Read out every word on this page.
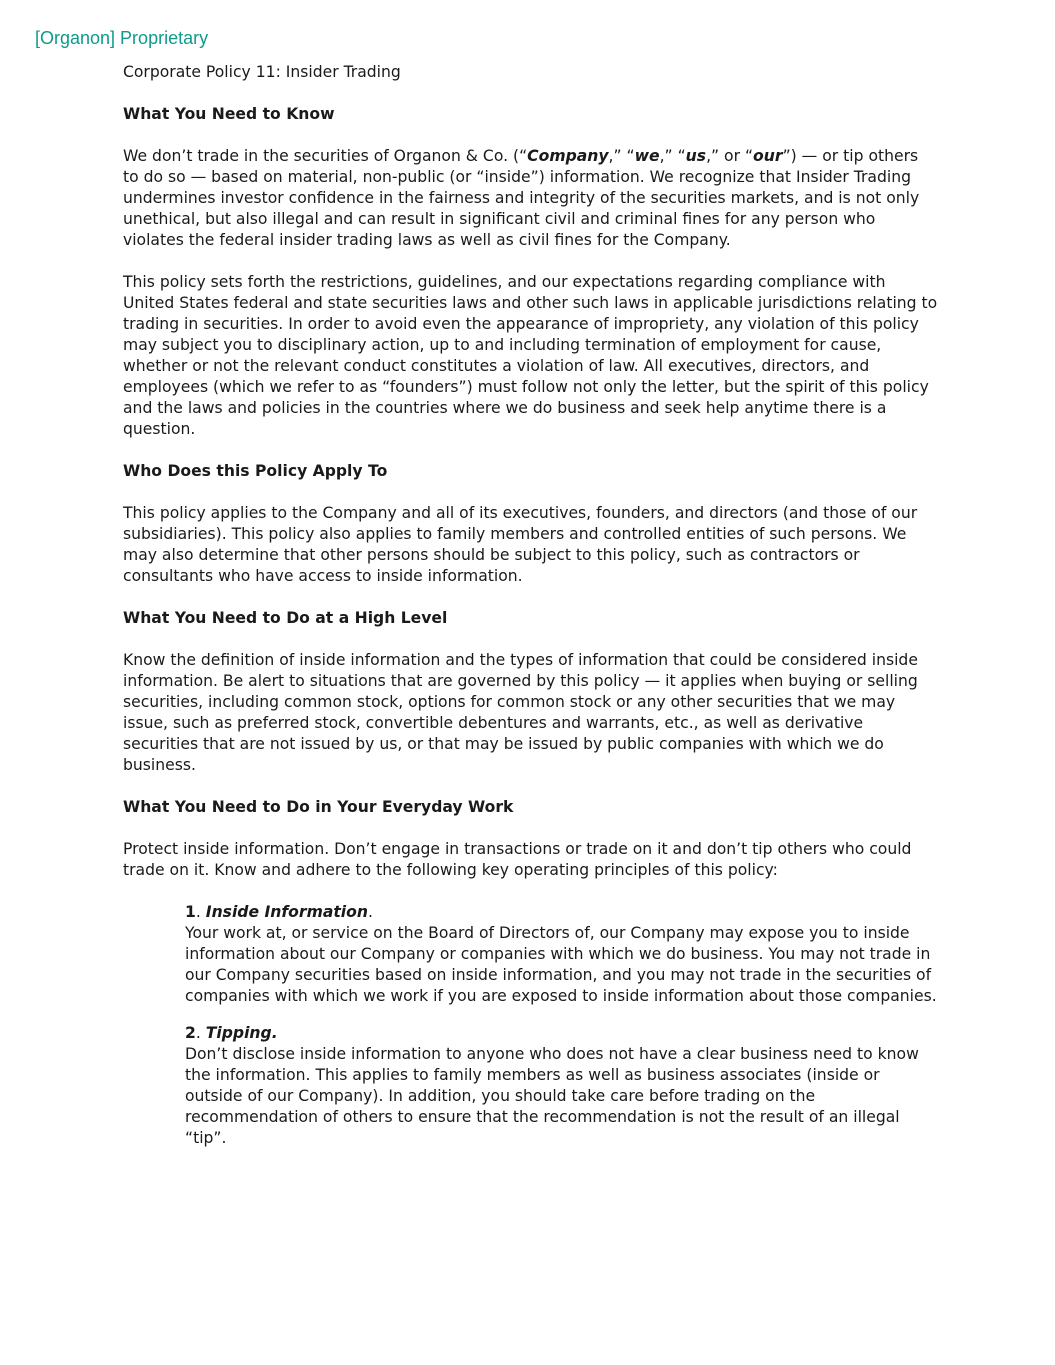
[Organon] Proprietary

Corporate Policy 11: Insider Trading

What You Need to Know

We don’t trade in the securities of Organon & Co. (“Company,” “we,” “us,” or “our”) — or tip others to do so — based on material, non-public (or “inside”) information. We recognize that Insider Trading undermines investor confidence in the fairness and integrity of the securities markets, and is not only unethical, but also illegal and can result in significant civil and criminal fines for any person who violates the federal insider trading laws as well as civil fines for the Company.

This policy sets forth the restrictions, guidelines, and our expectations regarding compliance with United States federal and state securities laws and other such laws in applicable jurisdictions relating to trading in securities. In order to avoid even the appearance of impropriety, any violation of this policy may subject you to disciplinary action, up to and including termination of employment for cause, whether or not the relevant conduct constitutes a violation of law. All executives, directors, and employees (which we refer to as “founders”) must follow not only the letter, but the spirit of this policy and the laws and policies in the countries where we do business and seek help anytime there is a question.

Who Does this Policy Apply To

This policy applies to the Company and all of its executives, founders, and directors (and those of our subsidiaries). This policy also applies to family members and controlled entities of such persons. We may also determine that other persons should be subject to this policy, such as contractors or consultants who have access to inside information.

What You Need to Do at a High Level

Know the definition of inside information and the types of information that could be considered inside information. Be alert to situations that are governed by this policy — it applies when buying or selling securities, including common stock, options for common stock or any other securities that we may issue, such as preferred stock, convertible debentures and warrants, etc., as well as derivative securities that are not issued by us, or that may be issued by public companies with which we do business.

What You Need to Do in Your Everyday Work

Protect inside information. Don’t engage in transactions or trade on it and don’t tip others who could trade on it. Know and adhere to the following key operating principles of this policy:

1. Inside Information.

Your work at, or service on the Board of Directors of, our Company may expose you to inside information about our Company or companies with which we do business. You may not trade in our Company securities based on inside information, and you may not trade in the securities of companies with which we work if you are exposed to inside information about those companies.

2. Tipping.

Don’t disclose inside information to anyone who does not have a clear business need to know the information. This applies to family members as well as business associates (inside or outside of our Company). In addition, you should take care before trading on the recommendation of others to ensure that the recommendation is not the result of an illegal “tip”.
